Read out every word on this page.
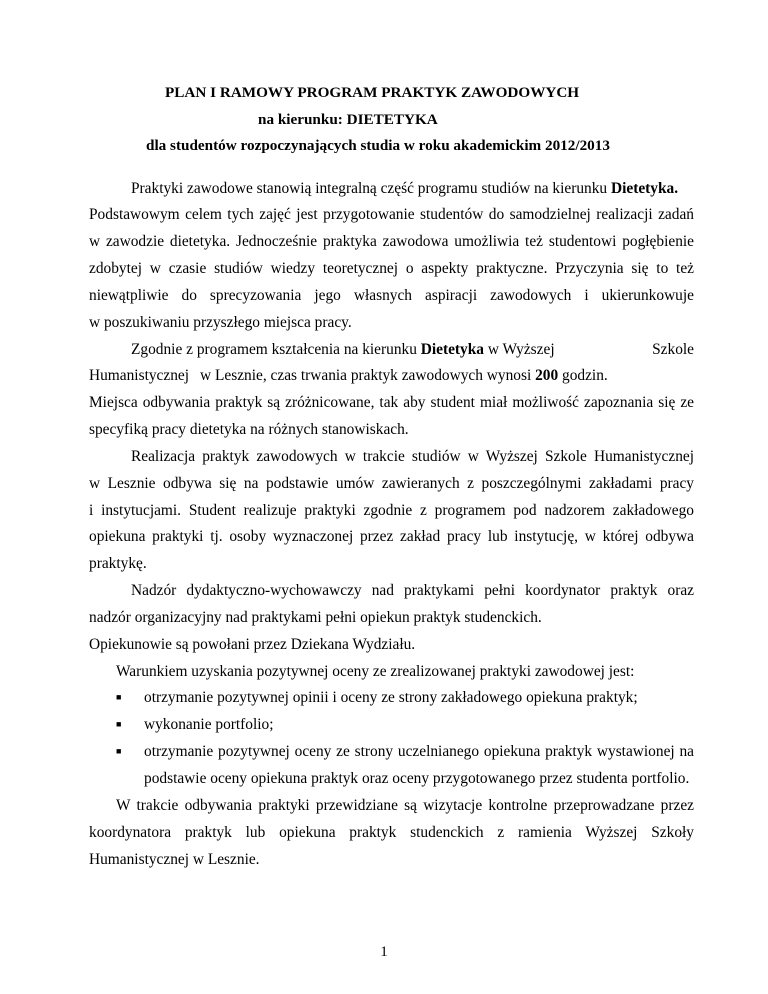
PLAN I RAMOWY PROGRAM PRAKTYK ZAWODOWYCH
na kierunku: DIETETYKA
dla studentów rozpoczynających studia w roku akademickim 2012/2013
Praktyki zawodowe stanowią integralną część programu studiów na kierunku Dietetyka.
Podstawowym celem tych zajęć jest przygotowanie studentów do samodzielnej realizacji zadań
w zawodzie dietetyka. Jednocześnie praktyka zawodowa umożliwia też studentowi pogłębienie
zdobytej w czasie studiów wiedzy teoretycznej o aspekty praktyczne. Przyczynia się to też
niewątpliwie do sprecyzowania jego własnych aspiracji zawodowych i ukierunkowuje
w poszukiwaniu przyszłego miejsca pracy.
Zgodnie z programem kształcenia na kierunku Dietetyka w Wyższej	Szkole
Humanistycznej w Lesznie, czas trwania praktyk zawodowych wynosi 200 godzin.
Miejsca odbywania praktyk są zróżnicowane, tak aby student miał możliwość zapoznania się ze
specyfiką pracy dietetyka na różnych stanowiskach.
Realizacja praktyk zawodowych w trakcie studiów w Wyższej Szkole Humanistycznej
w Lesznie odbywa się na podstawie umów zawieranych z poszczególnymi zakładami pracy
i instytucjami. Student realizuje praktyki zgodnie z programem pod nadzorem zakładowego
opiekuna praktyki tj. osoby wyznaczonej przez zakład pracy lub instytucję, w której odbywa
praktykę.
Nadzór dydaktyczno-wychowawczy nad praktykami pełni koordynator praktyk oraz
nadzór organizacyjny nad praktykami pełni opiekun praktyk studenckich.
Opiekunowie są powołani przez Dziekana Wydziału.
Warunkiem uzyskania pozytywnej oceny ze zrealizowanej praktyki zawodowej jest:
■ otrzymanie pozytywnej opinii i oceny ze strony zakładowego opiekuna praktyk;
■ wykonanie portfolio;
■ otrzymanie pozytywnej oceny ze strony uczelnianego opiekuna praktyk wystawionej na
podstawie oceny opiekuna praktyk oraz oceny przygotowanego przez studenta portfolio.
W trakcie odbywania praktyki przewidziane są wizytacje kontrolne przeprowadzane przez
koordynatora praktyk lub opiekuna praktyk studenckich z ramienia Wyższej Szkoły
Humanistycznej w Lesznie.
1
